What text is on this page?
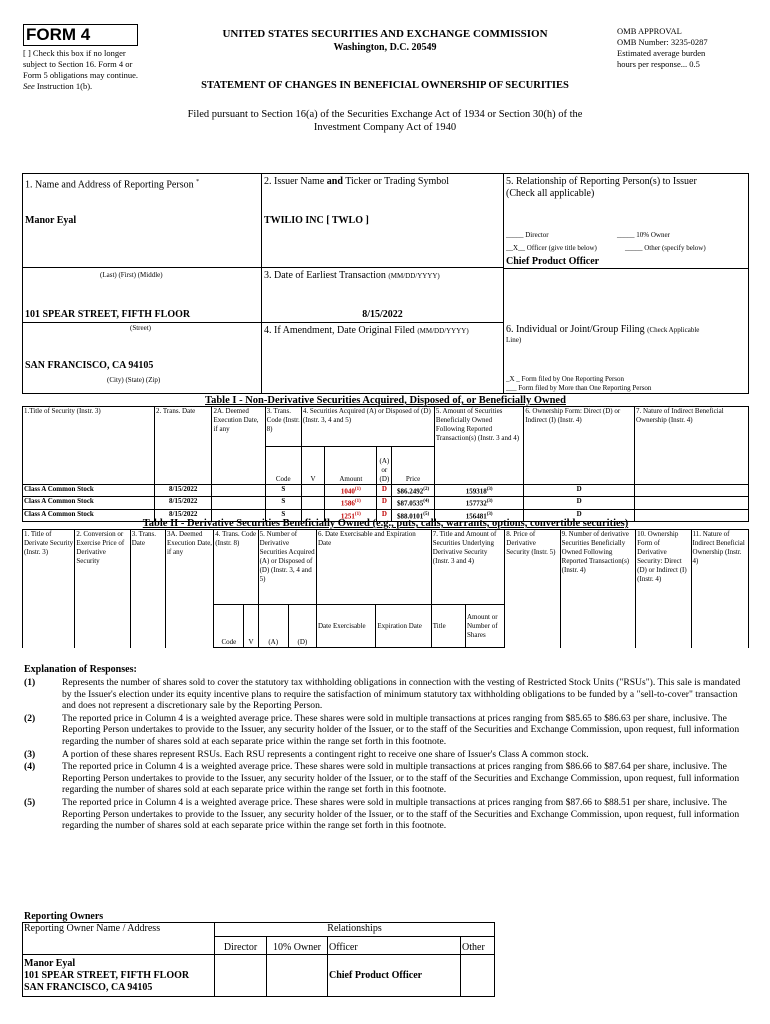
FORM 4
[ ] Check this box if no longer subject to Section 16. Form 4 or Form 5 obligations may continue. See Instruction 1(b).
UNITED STATES SECURITIES AND EXCHANGE COMMISSION
Washington, D.C. 20549
STATEMENT OF CHANGES IN BENEFICIAL OWNERSHIP OF SECURITIES
OMB APPROVAL
OMB Number: 3235-0287
Estimated average burden
hours per response... 0.5
Filed pursuant to Section 16(a) of the Securities Exchange Act of 1934 or Section 30(h) of the
Investment Company Act of 1940
1. Name and Address of Reporting Person *
Manor Eyal
(Last) (First) (Middle)
101 SPEAR STREET, FIFTH FLOOR
(Street)
SAN FRANCISCO, CA 94105
(City) (State) (Zip)
2. Issuer Name and Ticker or Trading Symbol
TWILIO INC [ TWLO ]
3. Date of Earliest Transaction (MM/DD/YYYY)
8/15/2022
4. If Amendment, Date Original Filed (MM/DD/YYYY)
5. Relationship of Reporting Person(s) to Issuer
(Check all applicable)
_____ Director	_____ 10% Owner
__X__ Officer (give title below)	_____ Other (specify below)
Chief Product Officer
6. Individual or Joint/Group Filing (Check Applicable
Line)
_X _ Form filed by One Reporting Person
___ Form filed by More than One Reporting Person
Table I - Non-Derivative Securities Acquired, Disposed of, or Beneficially Owned
1.Title of Security (Instr. 3)	2. Trans. Date	2A. Deemed Execution Date, if any	3. Trans. Code (Instr. 8)	4. Securities Acquired (A) or Disposed of (D) (Instr. 3, 4 and 5)				5. Amount of Securities Beneficially Owned Following Reported Transaction(s) (Instr. 3 and 4)	6. Ownership Form: Direct (D) or Indirect (I) (Instr. 4)	7. Nature of Indirect Beneficial Ownership (Instr. 4)
			Code	V	Amount	(A) or (D)	Price			
Class A Common Stock	8/15/2022		S		1040$^{(1)}$	D	$86.2492$^{(2)}$	159318$^{(3)}$	D	
Class A Common Stock	8/15/2022		S		1586$^{(1)}$	D	$87.0535$^{(4)}$	157732$^{(3)}$	D	
Class A Common Stock	8/15/2022		S		1251$^{(1)}$	D	$88.0101$^{(5)}$	156481$^{(3)}$	D	
Table II - Derivative Securities Beneficially Owned (e.g., puts, calls, warrants, options, convertible securities)
1. Title of Derivate Security (Instr. 3)	2. Conversion or Exercise Price of Derivative Security	3. Trans. Date	3A. Deemed Execution Date, if any	4. Trans. Code (Instr. 8)		5. Number of Derivative Securities Acquired (A) or Disposed of (D) (Instr. 3, 4 and 5)		6. Date Exercisable and Expiration Date		7. Title and Amount of Securities Underlying Derivative Security (Instr. 3 and 4)		8. Price of Derivative Security (Instr. 5)	9. Number of derivative Securities Beneficially Owned Following Reported Transaction(s) (Instr. 4)	10. Ownership Form of Derivative Security: Direct (D) or Indirect (I) (Instr. 4)	11. Nature of Indirect Beneficial Ownership (Instr. 4)
				Code	V	(A)	(D)	Date Exercisable	Expiration Date	Title	Amount or Number of Shares				
Explanation of Responses:
(1)	Represents the number of shares sold to cover the statutory tax withholding obligations in connection with the vesting of Restricted Stock Units ("RSUs"). This sale is mandated by the Issuer's election under its equity incentive plans to require the satisfaction of minimum statutory tax withholding obligations to be funded by a "sell-to-cover" transaction and does not represent a discretionary sale by the Reporting Person.
(2)	The reported price in Column 4 is a weighted average price. These shares were sold in multiple transactions at prices ranging from $85.65 to $86.63 per share, inclusive. The Reporting Person undertakes to provide to the Issuer, any security holder of the Issuer, or to the staff of the Securities and Exchange Commission, upon request, full information regarding the number of shares sold at each separate price within the range set forth in this footnote.
(3)	A portion of these shares represent RSUs. Each RSU represents a contingent right to receive one share of Issuer's Class A common stock.
(4)	The reported price in Column 4 is a weighted average price. These shares were sold in multiple transactions at prices ranging from $86.66 to $87.64 per share, inclusive. The Reporting Person undertakes to provide to the Issuer, any security holder of the Issuer, or to the staff of the Securities and Exchange Commission, upon request, full information regarding the number of shares sold at each separate price within the range set forth in this footnote.
(5)	The reported price in Column 4 is a weighted average price. These shares were sold in multiple transactions at prices ranging from $87.66 to $88.51 per share, inclusive. The Reporting Person undertakes to provide to the Issuer, any security holder of the Issuer, or to the staff of the Securities and Exchange Commission, upon request, full information regarding the number of shares sold at each separate price within the range set forth in this footnote.
Reporting Owners
Reporting Owner Name / Address	Relationships			
	Director	10% Owner	Officer	Other

Manor Eyal
101 SPEAR STREET, FIFTH FLOOR
SAN FRANCISCO, CA 94105			Chief Product Officer	
